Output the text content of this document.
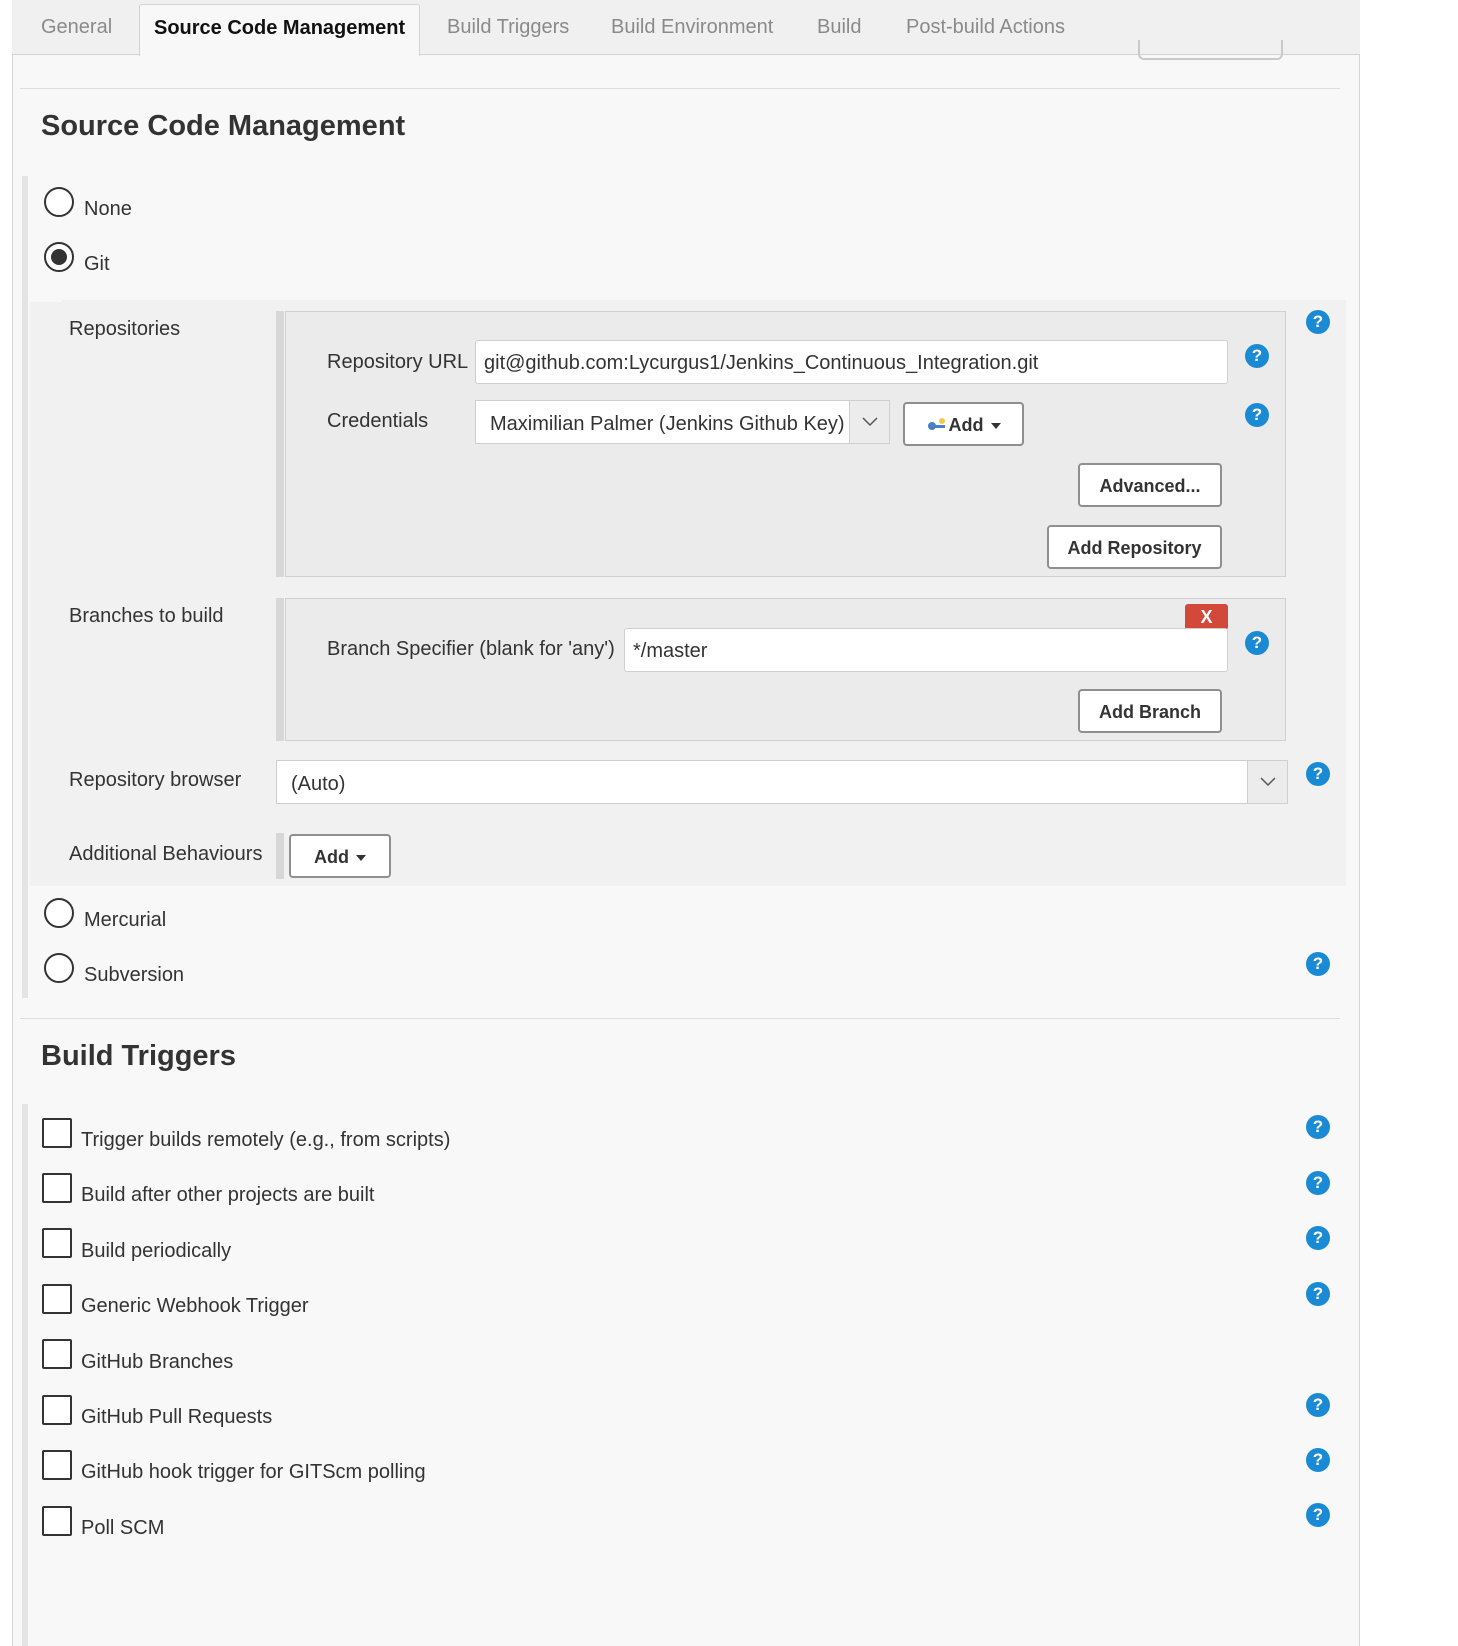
General	Source Code Management	Build Triggers Build Environment Build Post-build Actions
Source Code Management
None
Git
Repositories	?
Repository URL git@github.com:Lycurgus1/Jenkins_Continuous_Integration.git	?
Credentials	Maximilian Palmer (Jenkins Github Key)	Add
?
Advanced...
Add Repository
Branches to build	X
Branch Specifier (blank for 'any') */master	?
Add Branch
Repository browser	(Auto)	?
Additional Behaviours	Add
Mercurial
Subversion
?
Build Triggers
Trigger builds remotely (e.g., from scripts)
?
Build after other projects are built
?
Build periodically
?
Generic Webhook Trigger
?
GitHub Branches
GitHub Pull Requests
?
GitHub hook trigger for GITScm polling
?
Poll SCM
?
